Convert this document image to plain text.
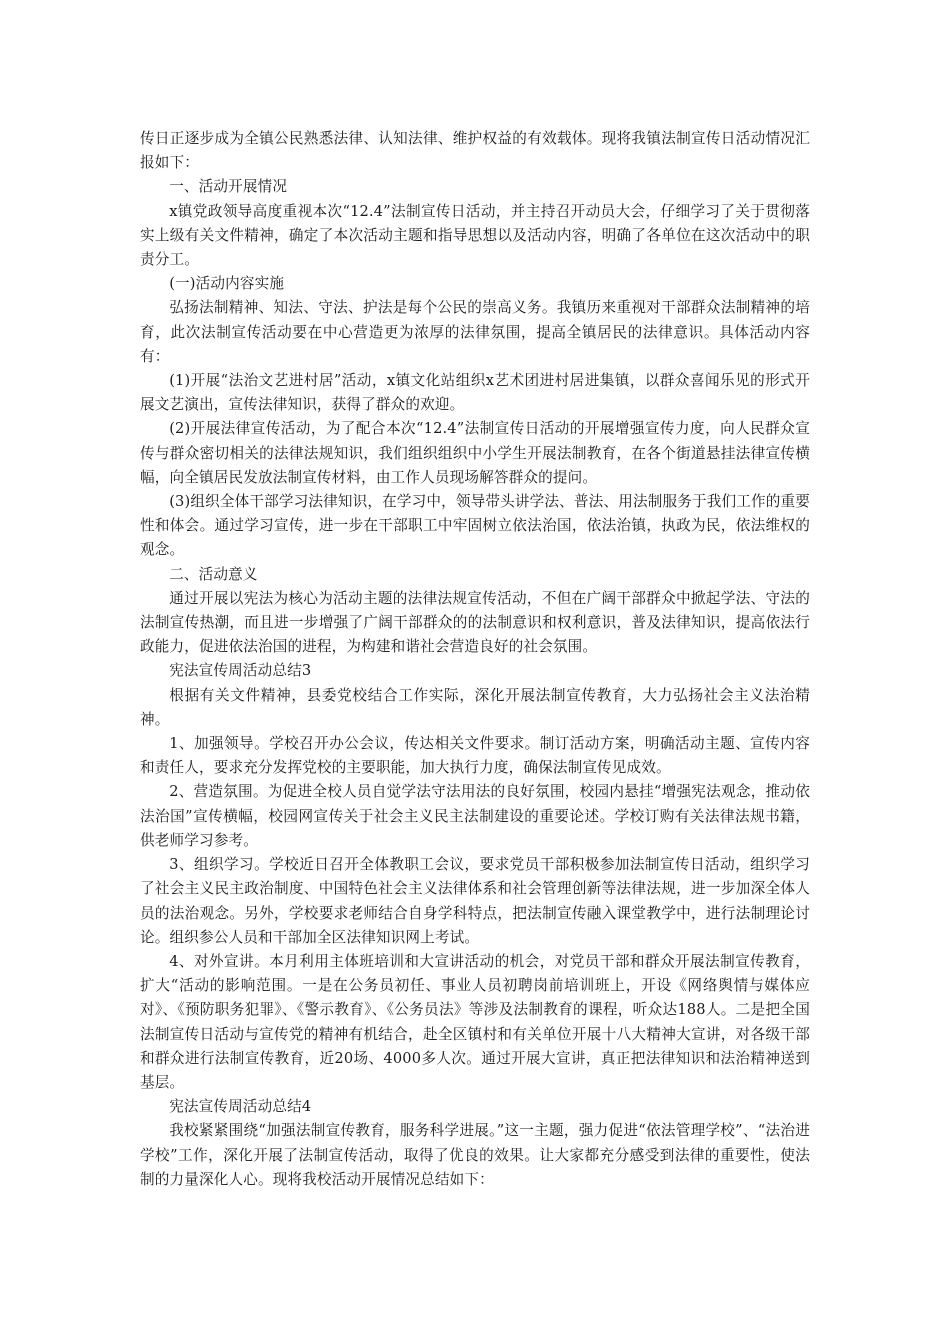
传日正逐步成为全镇公民熟悉法律、认知法律、维护权益的有效载体。现将我镇法制宣传日活动情况汇报如下：

一、活动开展情况

x镇党政领导高度重视本次“12.4”法制宣传日活动，并主持召开动员大会，仔细学习了关于贯彻落实上级有关文件精神，确定了本次活动主题和指导思想以及活动内容，明确了各单位在这次活动中的职责分工。

(一)活动内容实施

弘扬法制精神、知法、守法、护法是每个公民的崇高义务。我镇历来重视对干部群众法制精神的培育，此次法制宣传活动要在中心营造更为浓厚的法律氛围，提高全镇居民的法律意识。具体活动内容有：

(1)开展“法治文艺进村居”活动，x镇文化站组织x艺术团进村居进集镇，以群众喜闻乐见的形式开展文艺演出，宣传法律知识，获得了群众的欢迎。

(2)开展法律宣传活动，为了配合本次“12.4”法制宣传日活动的开展增强宣传力度，向人民群众宣传与群众密切相关的法律法规知识，我们组织组织中小学生开展法制教育，在各个街道悬挂法律宣传横幅，向全镇居民发放法制宣传材料，由工作人员现场解答群众的提问。

(3)组织全体干部学习法律知识，在学习中，领导带头讲学法、普法、用法制服务于我们工作的重要性和体会。通过学习宣传，进一步在干部职工中牢固树立依法治国，依法治镇，执政为民，依法维权的观念。

二、活动意义

通过开展以宪法为核心为活动主题的法律法规宣传活动，不但在广阔干部群众中掀起学法、守法的法制宣传热潮，而且进一步增强了广阔干部群众的的法制意识和权利意识，普及法律知识，提高依法行政能力，促进依法治国的进程，为构建和谐社会营造良好的社会氛围。

宪法宣传周活动总结3

根据有关文件精神，县委党校结合工作实际，深化开展法制宣传教育，大力弘扬社会主义法治精神。

1、加强领导。学校召开办公会议，传达相关文件要求。制订活动方案，明确活动主题、宣传内容和责任人，要求充分发挥党校的主要职能，加大执行力度，确保法制宣传见成效。

2、营造氛围。为促进全校人员自觉学法守法用法的良好氛围，校园内悬挂“增强宪法观念，推动依法治国”宣传横幅，校园网宣传关于社会主义民主法制建设的重要论述。学校订购有关法律法规书籍，供老师学习参考。

3、组织学习。学校近日召开全体教职工会议，要求党员干部积极参加法制宣传日活动，组织学习了社会主义民主政治制度、中国特色社会主义法律体系和社会管理创新等法律法规，进一步加深全体人员的法治观念。另外，学校要求老师结合自身学科特点，把法制宣传融入课堂教学中，进行法制理论讨论。组织参公人员和干部加全区法律知识网上考试。

4、对外宣讲。本月利用主体班培训和大宣讲活动的机会，对党员干部和群众开展法制宣传教育，扩大“活动的影响范围。一是在公务员初任、事业人员初聘岗前培训班上，开设《网络舆情与媒体应对》、《预防职务犯罪》、《警示教育》、《公务员法》等涉及法制教育的课程，听众达188人。二是把全国法制宣传日活动与宣传党的精神有机结合，赴全区镇村和有关单位开展十八大精神大宣讲，对各级干部和群众进行法制宣传教育，近20场、4000多人次。通过开展大宣讲，真正把法律知识和法治精神送到基层。

宪法宣传周活动总结4

我校紧紧围绕“加强法制宣传教育，服务科学进展。”这一主题，强力促进“依法管理学校”、“法治进学校”工作，深化开展了法制宣传活动，取得了优良的效果。让大家都充分感受到法律的重要性，使法制的力量深化人心。现将我校活动开展情况总结如下：
